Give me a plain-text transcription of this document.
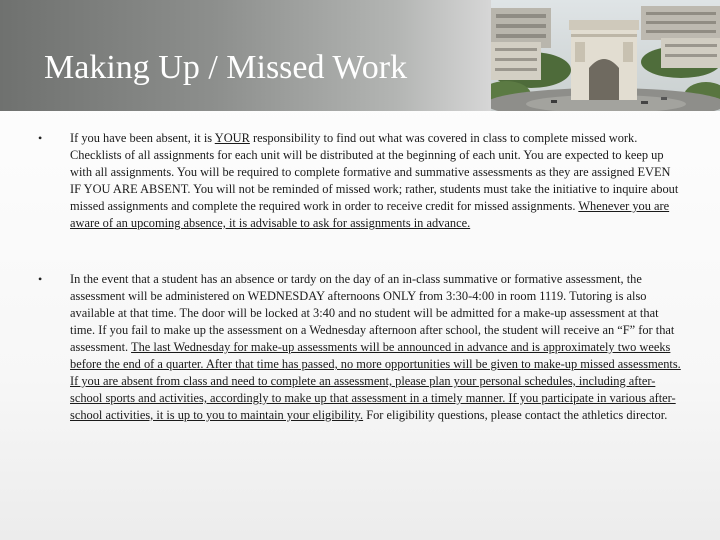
Making Up / Missed Work
• If you have been absent, it is YOUR responsibility to find out what was covered in class to complete missed work. Checklists of all assignments for each unit will be distributed at the beginning of each unit. You are expected to keep up with all assignments. You will be required to complete formative and summative assessments as they are assigned EVEN IF YOU ARE ABSENT. You will not be reminded of missed work; rather, students must take the initiative to inquire about missed assignments and complete the required work in order to receive credit for missed assignments. Whenever you are aware of an upcoming absence, it is advisable to ask for assignments in advance.

• In the event that a student has an absence or tardy on the day of an in-class summative or formative assessment, the assessment will be administered on WEDNESDAY afternoons ONLY from 3:30-4:00 in room 1119. Tutoring is also available at that time. The door will be locked at 3:40 and no student will be admitted for a make-up assessment at that time. If you fail to make up the assessment on a Wednesday afternoon after school, the student will receive an “F” for that assessment. The last Wednesday for make-up assessments will be announced in advance and is approximately two weeks before the end of a quarter. After that time has passed, no more opportunities will be given to make-up missed assessments. If you are absent from class and need to complete an assessment, please plan your personal schedules, including after-school sports and activities, accordingly to make up that assessment in a timely manner. If you participate in various after-school activities, it is up to you to maintain your eligibility. For eligibility questions, please contact the athletics director.
